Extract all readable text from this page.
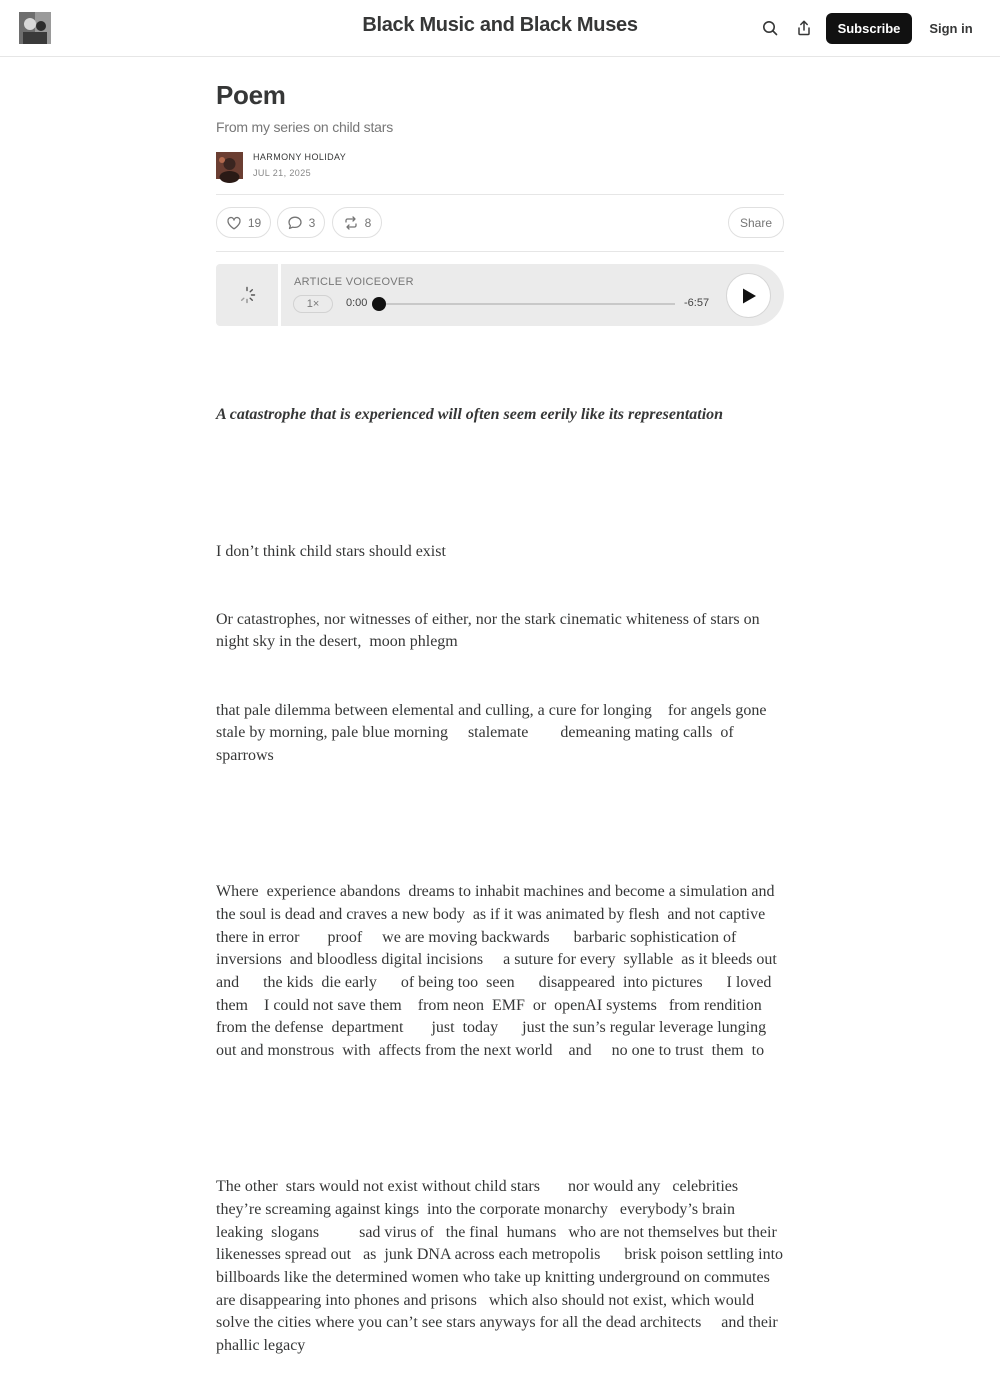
Black Music and Black Muses	Subscribe	Sign in
Poem
From my series on child stars
HARMONY HOLIDAY
JUL 21, 2025
19	3	8	Share
ARTICLE VOICEOVER
1×	0:00	-6:57

A catastrophe that is experienced will often seem eerily like its representation

I don’t think child stars should exist

Or catastrophes, nor witnesses of either, nor the stark cinematic whiteness of stars on night sky in the desert,  moon phlegm

that pale dilemma between elemental and culling, a cure for longing    for angels gone stale by morning, pale blue morning     stalemate        demeaning mating calls  of    sparrows

Where  experience abandons  dreams to inhabit machines and become a simulation and the soul is dead and craves a new body  as if it was animated by flesh  and not captive  there in error       proof     we are moving backwards      barbaric sophistication of  inversions  and bloodless digital incisions     a suture for every  syllable  as it bleeds out   and      the kids  die early      of being too  seen      disappeared  into pictures      I loved them    I could not save them    from neon  EMF  or  openAI systems   from rendition   from the defense  department       just  today      just the sun’s regular leverage lunging out and monstrous  with  affects from the next world    and     no one to trust  them  to

The other  stars would not exist without child stars       nor would any   celebrities they’re screaming against kings  into the corporate monarchy   everybody’s brain leaking  slogans          sad virus of   the final  humans   who are not themselves but their likenesses spread out   as  junk DNA across each metropolis      brisk poison settling into billboards like the determined women who take up knitting underground on commutes   are disappearing into phones and prisons   which also should not exist, which would solve the cities where you can’t see stars anyways for all the dead architects     and their phallic legacy
